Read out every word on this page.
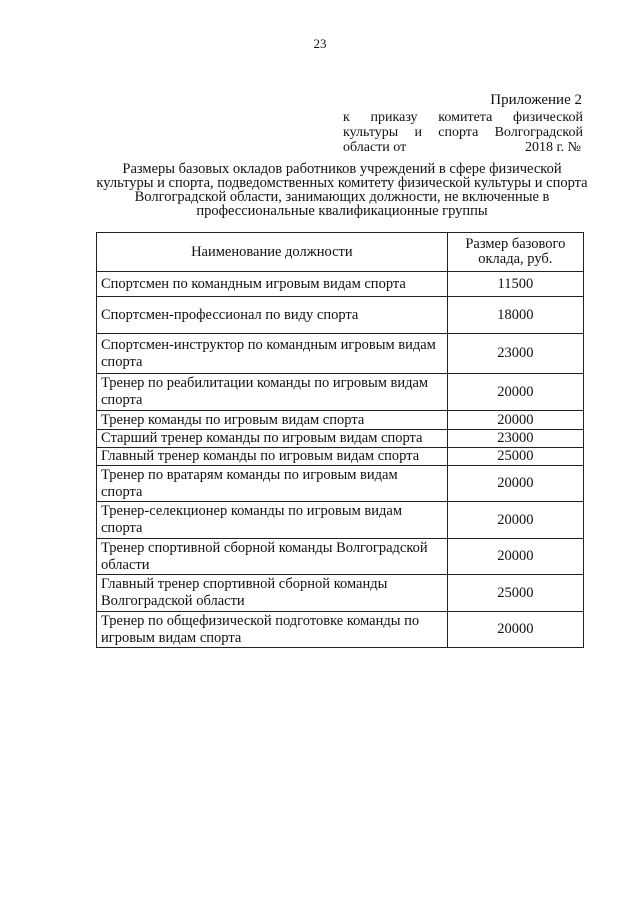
23
Приложение 2
к приказу комитета физической
культуры и спорта Волгоградской
области от	2018 г. №
Размеры базовых окладов работников учреждений в сфере физической культуры и спорта, подведомственных комитету физической культуры и спорта Волгоградской области, занимающих должности, не включенные в профессиональные квалификационные группы
Наименование должности	Размер базового оклада, руб.
Спортсмен по командным игровым видам спорта	11500
Спортсмен-профессионал по виду спорта	18000
Спортсмен-инструктор по командным игровым видам спорта	23000
Тренер по реабилитации команды по игровым видам спорта	20000
Тренер команды по игровым видам спорта	20000
Старший тренер команды по игровым видам спорта	23000
Главный тренер команды по игровым видам спорта	25000
Тренер по вратарям команды по игровым видам спорта	20000
Тренер-селекционер команды по игровым видам спорта	20000
Тренер спортивной сборной команды Волгоградской области	20000
Главный тренер спортивной сборной команды Волгоградской области	25000
Тренер по общефизической подготовке команды по игровым видам спорта	20000
